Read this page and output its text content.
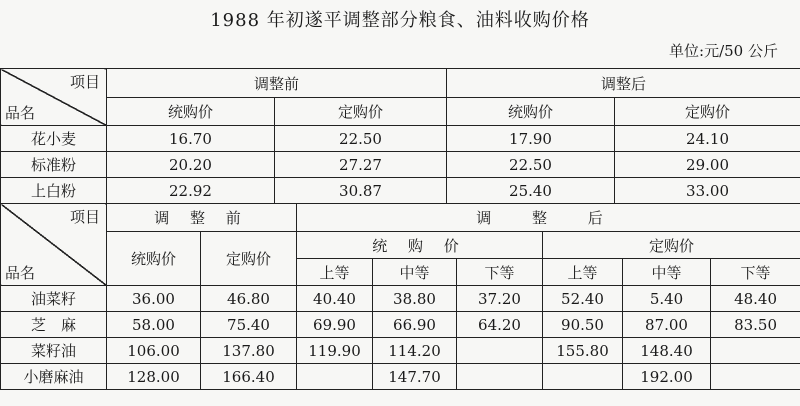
1988 年初遂平调整部分粮食、油料收购价格
单位:元/50 公斤
项目
品名	调整前		调整后	
	统购价	定购价	统购价	定购价
花小麦	16.70	22.50	17.90	24.10
标准粉	20.20	27.27	22.50	29.00
上白粉	22.92	30.87	25.40	33.00
项目
品名	调 整 前		调 整 后					
	统购价	定购价	统 购 价			定购价		
			上等	中等	下等	上等	中等	下等
油菜籽	36.00	46.80	40.40	38.80	37.20	52.40	5.40	48.40
芝　麻	58.00	75.40	69.90	66.90	64.20	90.50	87.00	83.50
菜籽油	106.00	137.80	119.90	114.20		155.80	148.40	
小磨麻油	128.00	166.40		147.70			192.00	
